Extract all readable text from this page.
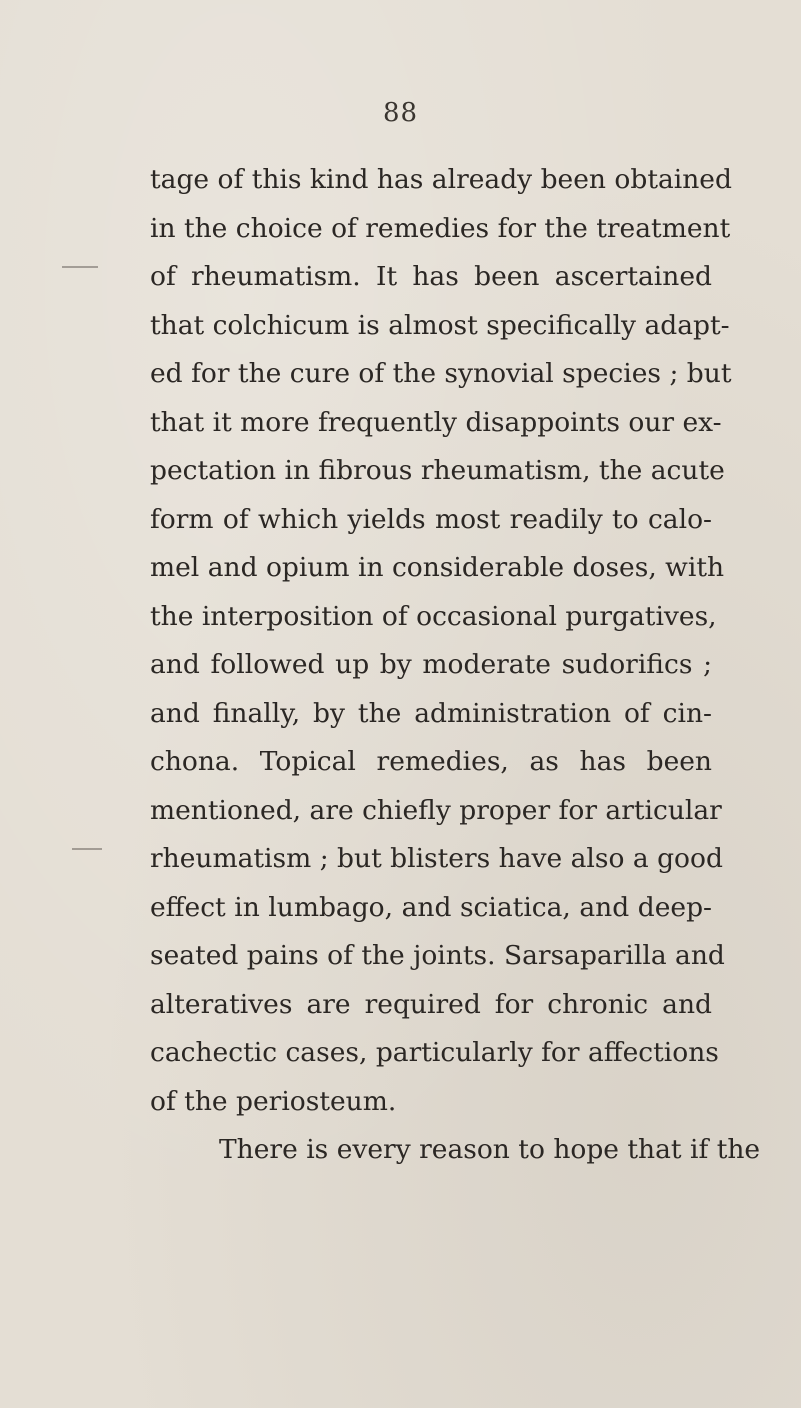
88
tage of this kind has already been obtained
in the choice of remedies for the treatment
of rheumatism. It has been ascertained
that colchicum is almost specifically adapt-
ed for the cure of the synovial species ; but
that it more frequently disappoints our ex-
pectation in fibrous rheumatism, the acute
form of which yields most readily to calo-
mel and opium in considerable doses, with
the interposition of occasional purgatives,
and followed up by moderate sudorifics ;
and finally, by the administration of cin-
chona. Topical remedies, as has been
mentioned, are chiefly proper for articular
rheumatism ; but blisters have also a good
effect in lumbago, and sciatica, and deep-
seated pains of the joints. Sarsaparilla and
alteratives are required for chronic and
cachectic cases, particularly for affections
of the periosteum.
There is every reason to hope that if the
